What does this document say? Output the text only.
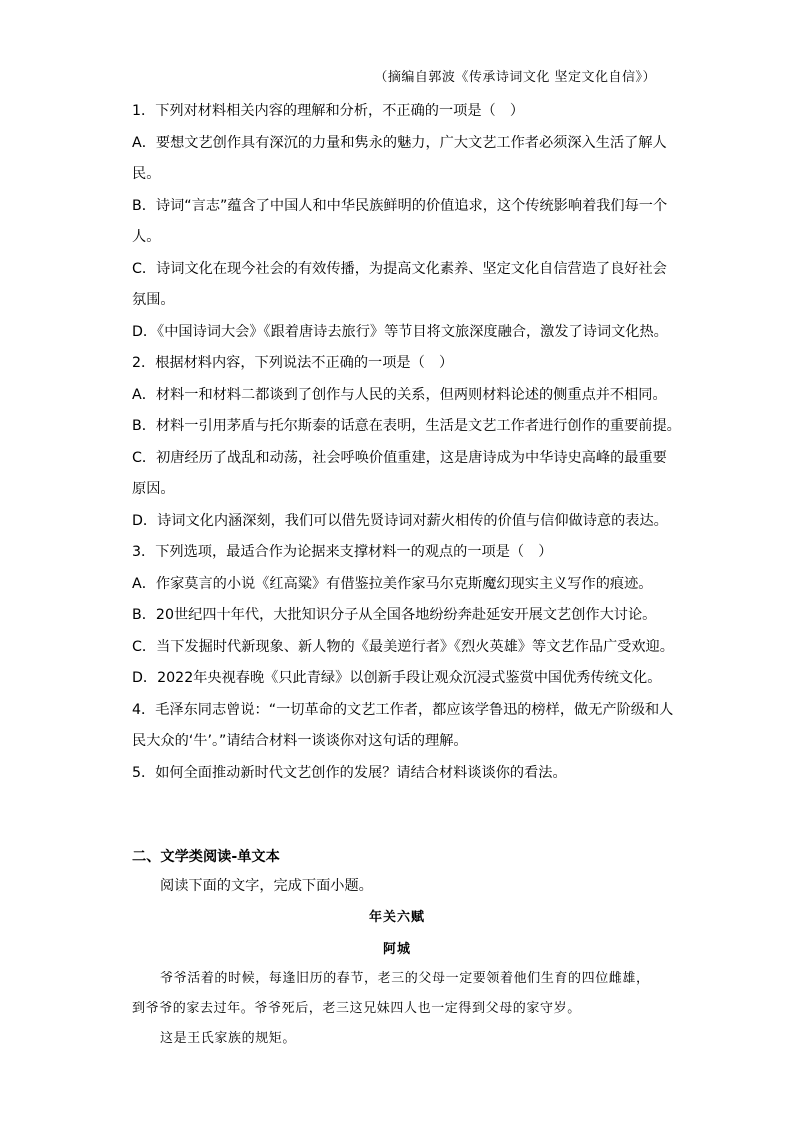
（摘编自郭波《传承诗词文化 坚定文化自信》）
1．下列对材料相关内容的理解和分析，不正确的一项是（　）
A．要想文艺创作具有深沉的力量和隽永的魅力，广大文艺工作者必须深入生活了解人
民。
B．诗词“言志”蕴含了中国人和中华民族鲜明的价值追求，这个传统影响着我们每一个
人。
C．诗词文化在现今社会的有效传播，为提高文化素养、坚定文化自信营造了良好社会
氛围。
D．《中国诗词大会》《跟着唐诗去旅行》等节目将文旅深度融合，激发了诗词文化热。
2．根据材料内容，下列说法不正确的一项是（　）
A．材料一和材料二都谈到了创作与人民的关系，但两则材料论述的侧重点并不相同。
B．材料一引用茅盾与托尔斯泰的话意在表明，生活是文艺工作者进行创作的重要前提。
C．初唐经历了战乱和动荡，社会呼唤价值重建，这是唐诗成为中华诗史高峰的最重要
原因。
D．诗词文化内涵深刻，我们可以借先贤诗词对薪火相传的价值与信仰做诗意的表达。
3．下列选项，最适合作为论据来支撑材料一的观点的一项是（　）
A．作家莫言的小说《红高粱》有借鉴拉美作家马尔克斯魔幻现实主义写作的痕迹。
B．20世纪四十年代，大批知识分子从全国各地纷纷奔赴延安开展文艺创作大讨论。
C．当下发掘时代新现象、新人物的《最美逆行者》《烈火英雄》等文艺作品广受欢迎。
D．2022年央视春晚《只此青绿》以创新手段让观众沉浸式鉴赏中国优秀传统文化。
4．毛泽东同志曾说：“一切革命的文艺工作者，都应该学鲁迅的榜样，做无产阶级和人
民大众的‘牛’。”请结合材料一谈谈你对这句话的理解。
5．如何全面推动新时代文艺创作的发展？请结合材料谈谈你的看法。
二、文学类阅读-单文本
阅读下面的文字，完成下面小题。
年关六赋
阿城
爷爷活着的时候，每逢旧历的春节，老三的父母一定要领着他们生育的四位雌雄，
到爷爷的家去过年。爷爷死后，老三这兄妹四人也一定得到父母的家守岁。
这是王氏家族的规矩。
